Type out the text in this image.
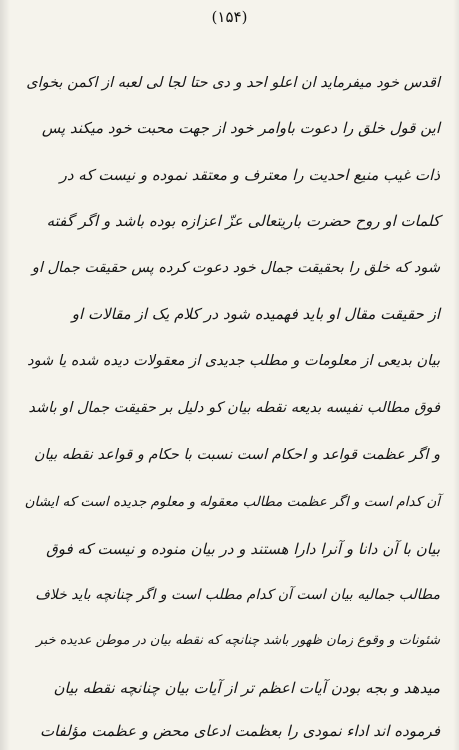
(۱۵۴)
اقدس خود میفرماید ان اعلو احد و دی حتا لجا لی لعبه از اکمن بخوای
این قول خلق را دعوت باوامر خود از جهت محبت خود میکند پس
ذات غیب منیع احدیت را معترف و معتقد نموده و نیست که در
کلمات او روح حضرت باریتعالی عزّ اعزازه بوده باشد و اگر گفته
شود که خلق را بحقیقت جمال خود دعوت کرده پس حقیقت جمال او
از حقیقت مقال او باید فهمیده شود در کلام یک از مقالات او
بیان بدیعی از معلومات و مطلب جدیدی از معقولات دیده شده یا شود
فوق مطالب نفیسه بدیعه نقطه بیان کو دلیل بر حقیقت جمال او باشد
و اگر عظمت قواعد و احکام است نسبت با حکام و قواعد نقطه بیان
آن کدام است و اگر عظمت مطالب معقوله و معلوم جدیده است که ایشان
بیان با آن دانا و آنرا دارا هستند و در بیان منوده و نیست که فوق
مطالب جمالیه بیان است آن کدام مطلب است و اگر چنانچه باید خلاف
شئونات و وقوع زمان ظهور باشد چنانچه که نقطه بیان در موطن عدیده خبر
میدهد و بجه بودن آیات اعظم تر از آیات بیان چنانچه نقطه بیان
فرموده اند اداء نمودی را بعظمت ادعای محض و عظمت مؤلفات
